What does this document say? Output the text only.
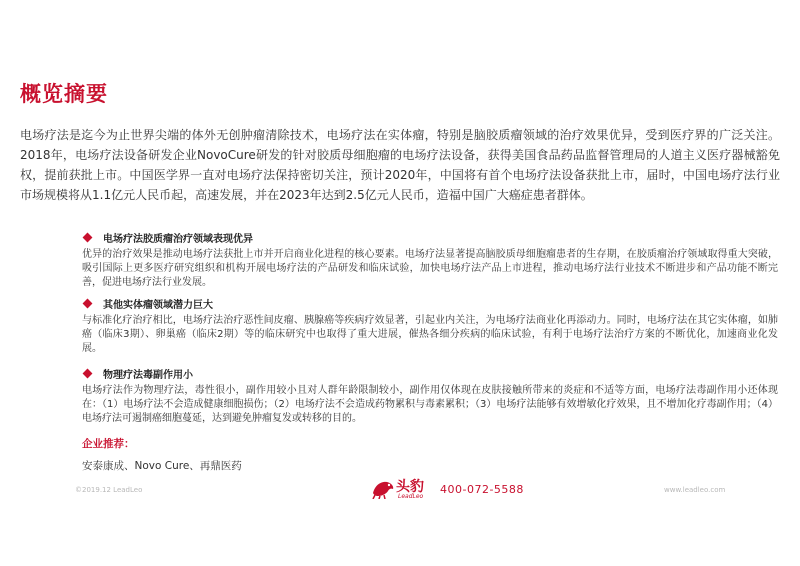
概览摘要
电场疗法是迄今为止世界尖端的体外无创肿瘤清除技术，电场疗法在实体瘤，特别是脑胶质瘤领域的治疗效果优异，受到医疗界的广泛关注。2018年，电场疗法设备研发企业NovoCure研发的针对胶质母细胞瘤的电场疗法设备，获得美国食品药品监督管理局的人道主义医疗器械豁免权，提前获批上市。中国医学界一直对电场疗法保持密切关注，预计2020年，中国将有首个电场疗法设备获批上市，届时，中国电场疗法行业市场规模将从1.1亿元人民币起，高速发展，并在2023年达到2.5亿元人民币，造福中国广大癌症患者群体。
电场疗法胶质瘤治疗领域表现优异
优异的治疗效果是推动电场疗法获批上市并开启商业化进程的核心要素。电场疗法显著提高脑胶质母细胞瘤患者的生存期，在胶质瘤治疗领域取得重大突破，吸引国际上更多医疗研究组织和机构开展电场疗法的产品研发和临床试验，加快电场疗法产品上市进程，推动电场疗法行业技术不断进步和产品功能不断完善，促进电场疗法行业发展。
其他实体瘤领域潜力巨大
与标准化疗治疗相比，电场疗法治疗恶性间皮瘤、胰腺癌等疾病疗效显著，引起业内关注，为电场疗法商业化再添动力。同时，电场疗法在其它实体瘤，如肺癌（临床3期）、卵巢癌（临床2期）等的临床研究中也取得了重大进展，催热各细分疾病的临床试验，有利于电场疗法治疗方案的不断优化，加速商业化发展。
物理疗法毒副作用小
电场疗法作为物理疗法，毒性很小，副作用较小且对人群年龄限制较小，副作用仅体现在皮肤接触所带来的炎症和不适等方面，电场疗法毒副作用小还体现在：（1）电场疗法不会造成健康细胞损伤；（2）电场疗法不会造成药物累积与毒素累积；（3）电场疗法能够有效增敏化疗效果，且不增加化疗毒副作用；（4）电场疗法可遏制癌细胞蔓延，达到避免肿瘤复发或转移的目的。
企业推荐：
安泰康成、Novo Cure、再鼎医药
©2019.12 LeadLeo	头豹
LeadLeo
400-072-5588	www.leadleo.com
